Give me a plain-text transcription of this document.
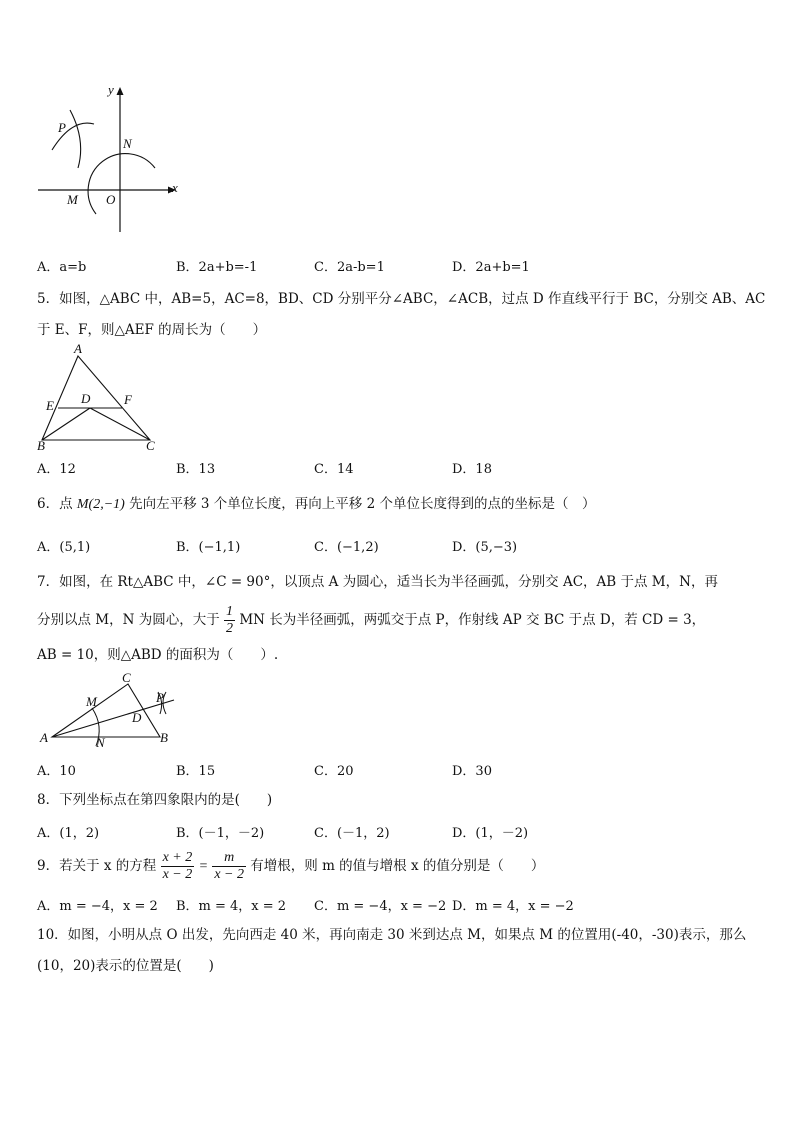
y
x
P
N
M O
A．a=b	B．2a+b=-1	C．2a-b=1	D．2a+b=1
5．如图，△ABC 中，AB=5，AC=8，BD、CD 分别平分∠ABC，∠ACB，过点 D 作直线平行于 BC，分别交 AB、AC
于 E、F，则△AEF 的周长为（　　）
A
E D	F
B	C
A．12	B．13	C．14	D．18
6．点 M(2,−1) 先向左平移 3 个单位长度，再向上平移 2 个单位长度得到的点的坐标是（　）
A．(5,1)	B．(−1,1)	C．(−1,2)	D．(5,−3)
7．如图，在 Rt△ABC 中，∠C = 90°，以顶点 A 为圆心，适当长为半径画弧，分别交 AC，AB 于点 M，N，再
分别以点 M，N 为圆心，大于 $\frac{1}{2}$ MN 长为半径画弧，两弧交于点 P，作射线 AP 交 BC 于点 D，若 CD = 3，
AB = 10，则△ABD 的面积为（　　）.
C
M	P
D
A	N	B
A．10	B．15	C．20	D．30
8．下列坐标点在第四象限内的是(　　)
A．(1，2)	B．(－1，－2)	C．(－1，2)	D．(1，－2)
9．若关于 x 的方程 $\frac{x + 2}{x - 2} = \frac{m}{x - 2}$ 有增根，则 m 的值与增根 x 的值分别是（　　）
A．m = −4，x = 2 B．m = 4，x = 2 C．m = −4，x = −2 D．m = 4，x = −2
10．如图，小明从点 O 出发，先向西走 40 米，再向南走 30 米到达点 M，如果点 M 的位置用(-40，-30)表示，那么
(10，20)表示的位置是(　　)
